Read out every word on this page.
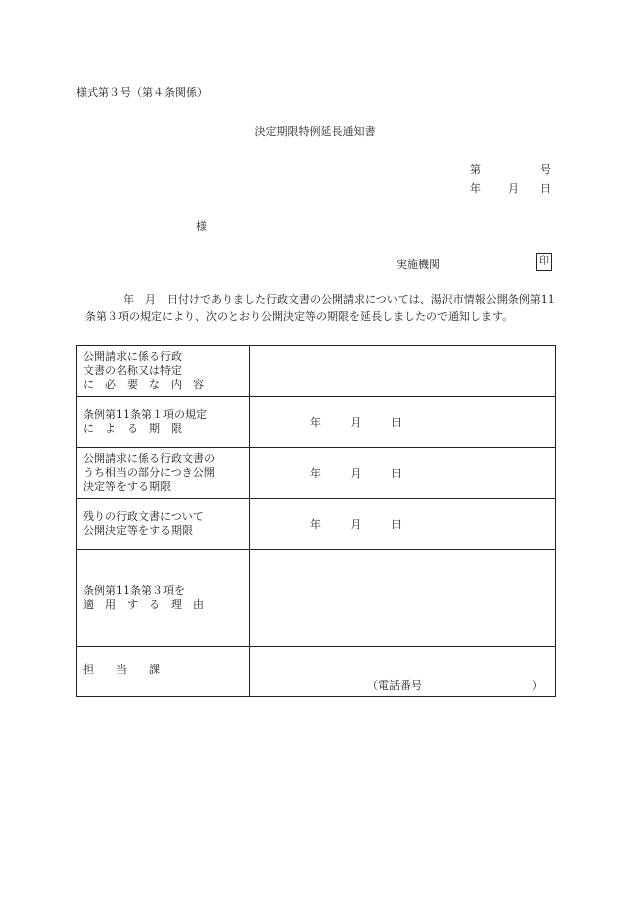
様式第３号（第４条関係）
決定期限特例延長通知書
第	号
年 月 日
様
実施機関	印
年　月　日付けでありました行政文書の公開請求については、湯沢市情報公開条例第11条第３項の規定により、次のとおり公開決定等の期限を延長しましたので通知します。
公開請求に係る行政
文書の名称又は特定
に　必　要　な　内　容	

条例第11条第１項の規定
に　よ　る　期　限	年 月 日

公開請求に係る行政文書の
うち相当の部分につき公開
決定等をする期限	年 月 日

残りの行政文書について
公開決定等をする期限	年 月 日

条例第11条第３項を
適　用　す　る　理　由	

担　　当　　課	（電話番号 ）
